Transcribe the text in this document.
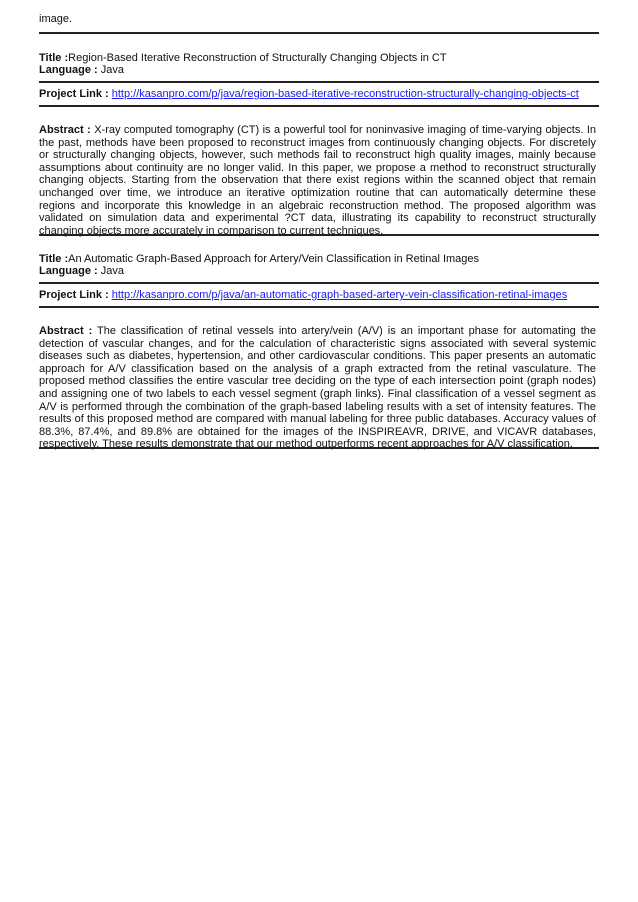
image.
Title :Region-Based Iterative Reconstruction of Structurally Changing Objects in CT
Language : Java
Project Link : http://kasanpro.com/p/java/region-based-iterative-reconstruction-structurally-changing-objects-ct
Abstract : X-ray computed tomography (CT) is a powerful tool for noninvasive imaging of time-varying objects. In the past, methods have been proposed to reconstruct images from continuously changing objects. For discretely or structurally changing objects, however, such methods fail to reconstruct high quality images, mainly because assumptions about continuity are no longer valid. In this paper, we propose a method to reconstruct structurally changing objects. Starting from the observation that there exist regions within the scanned object that remain unchanged over time, we introduce an iterative optimization routine that can automatically determine these regions and incorporate this knowledge in an algebraic reconstruction method. The proposed algorithm was validated on simulation data and experimental ?CT data, illustrating its capability to reconstruct structurally changing objects more accurately in comparison to current techniques.
Title :An Automatic Graph-Based Approach for Artery/Vein Classification in Retinal Images
Language : Java
Project Link : http://kasanpro.com/p/java/an-automatic-graph-based-artery-vein-classification-retinal-images
Abstract : The classification of retinal vessels into artery/vein (A/V) is an important phase for automating the detection of vascular changes, and for the calculation of characteristic signs associated with several systemic diseases such as diabetes, hypertension, and other cardiovascular conditions. This paper presents an automatic approach for A/V classification based on the analysis of a graph extracted from the retinal vasculature. The proposed method classifies the entire vascular tree deciding on the type of each intersection point (graph nodes) and assigning one of two labels to each vessel segment (graph links). Final classification of a vessel segment as A/V is performed through the combination of the graph-based labeling results with a set of intensity features. The results of this proposed method are compared with manual labeling for three public databases. Accuracy values of 88.3%, 87.4%, and 89.8% are obtained for the images of the INSPIREAVR, DRIVE, and VICAVR databases, respectively. These results demonstrate that our method outperforms recent approaches for A/V classification.
